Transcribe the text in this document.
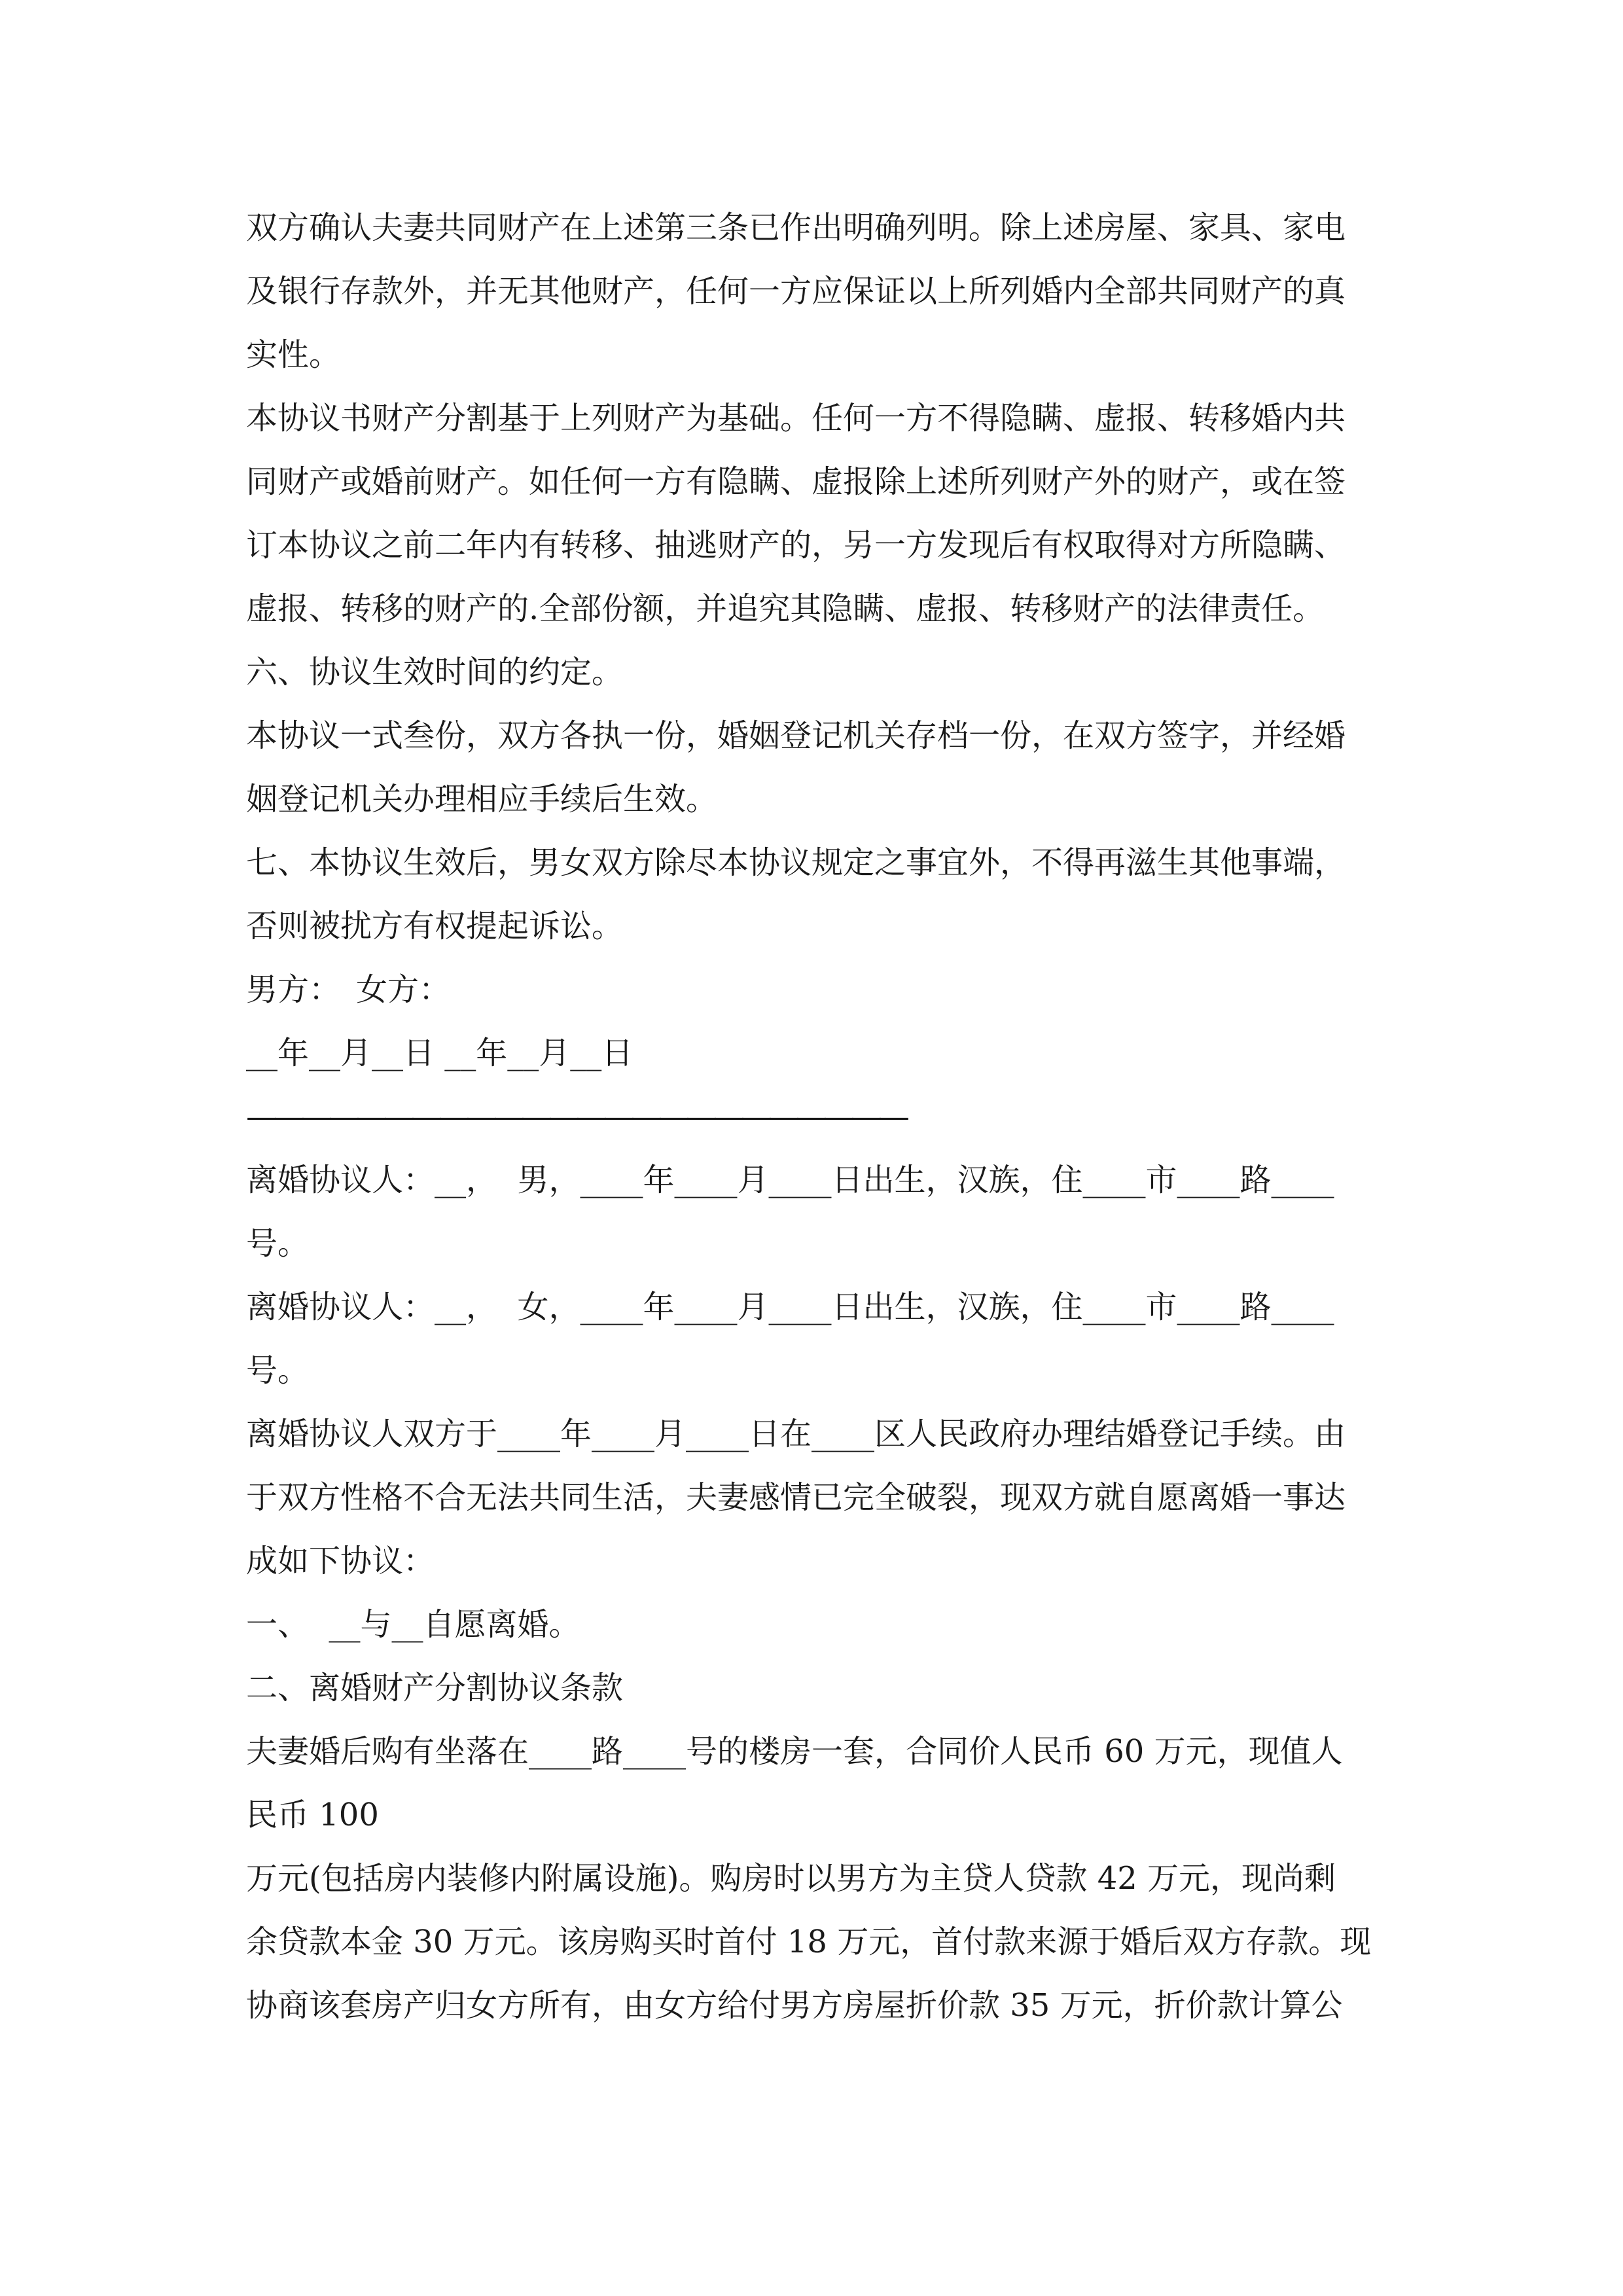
双方确认夫妻共同财产在上述第三条已作出明确列明。除上述房屋、家具、家电

及银行存款外，并无其他财产，任何一方应保证以上所列婚内全部共同财产的真

实性。

本协议书财产分割基于上列财产为基础。任何一方不得隐瞒、虚报、转移婚内共

同财产或婚前财产。如任何一方有隐瞒、虚报除上述所列财产外的财产，或在签

订本协议之前二年内有转移、抽逃财产的，另一方发现后有权取得对方所隐瞒、

虚报、转移的财产的.全部份额，并追究其隐瞒、虚报、转移财产的法律责任。

六、协议生效时间的约定。

本协议一式叁份，双方各执一份，婚姻登记机关存档一份，在双方签字，并经婚

姻登记机关办理相应手续后生效。

七、本协议生效后，男女双方除尽本协议规定之事宜外，不得再滋生其他事端，

否则被扰方有权提起诉讼。

男方：　女方：

__年__月__日 __年__月__日

————————————————————————

离婚协议人：__，  男，____年____月____日出生，汉族，住____市____路____

号。

离婚协议人：__，  女，____年____月____日出生，汉族，住____市____路____

号。

离婚协议人双方于____年____月____日在____区人民政府办理结婚登记手续。由

于双方性格不合无法共同生活，夫妻感情已完全破裂，现双方就自愿离婚一事达

成如下协议：

一、  __与__自愿离婚。

二、离婚财产分割协议条款

夫妻婚后购有坐落在____路____号的楼房一套，合同价人民币 60 万元，现值人

民币 100

万元(包括房内装修内附属设施)。购房时以男方为主贷人贷款 42 万元，现尚剩

余贷款本金 30 万元。该房购买时首付 18 万元，首付款来源于婚后双方存款。现

协商该套房产归女方所有，由女方给付男方房屋折价款 35 万元，折价款计算公
